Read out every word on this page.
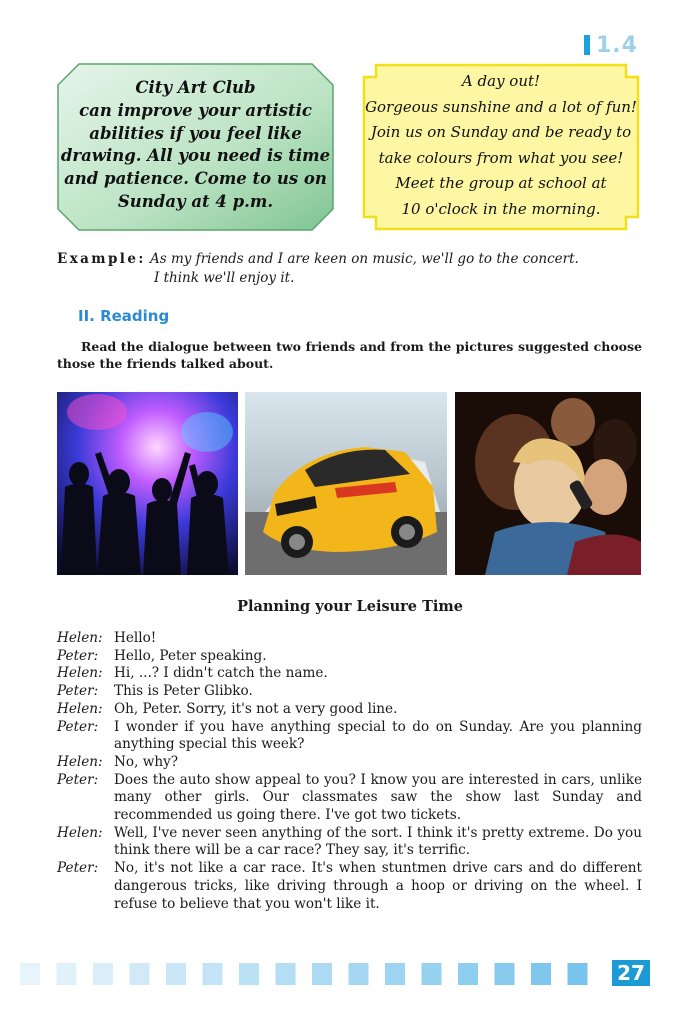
1.4
City Art Club
can improve your artistic
abilities if you feel like
drawing. All you need is time
and patience. Come to us on
Sunday at 4 p.m.
A day out!
Gorgeous sunshine and a lot of fun!
Join us on Sunday and be ready to
take colours from what you see!
Meet the group at school at
10 o'clock in the morning.
Example: As my friends and I are keen on music, we'll go to the concert.
I think we'll enjoy it.
II. Reading
Read the dialogue between two friends and from the pictures suggested choose those the friends talked about.
Planning your Leisure Time
Helen: Hello!
Peter:	Hello, Peter speaking.
Helen: Hi, ...? I didn't catch the name.
Peter:	This is Peter Glibko.
Helen: Oh, Peter. Sorry, it's not a very good line.
Peter:	I wonder if you have anything special to do on Sunday. Are you planning anything special this week?
Helen: No, why?
Peter:	Does the auto show appeal to you? I know you are interested in cars, unlike many other girls. Our classmates saw the show last Sunday and recommended us going there. I've got two tickets.
Helen: Well, I've never seen anything of the sort. I think it's pretty extreme. Do you think there will be a car race? They say, it's terrific.
Peter:	No, it's not like a car race. It's when stuntmen drive cars and do different dangerous tricks, like driving through a hoop or driving on the wheel. I refuse to believe that you won't like it.
27
